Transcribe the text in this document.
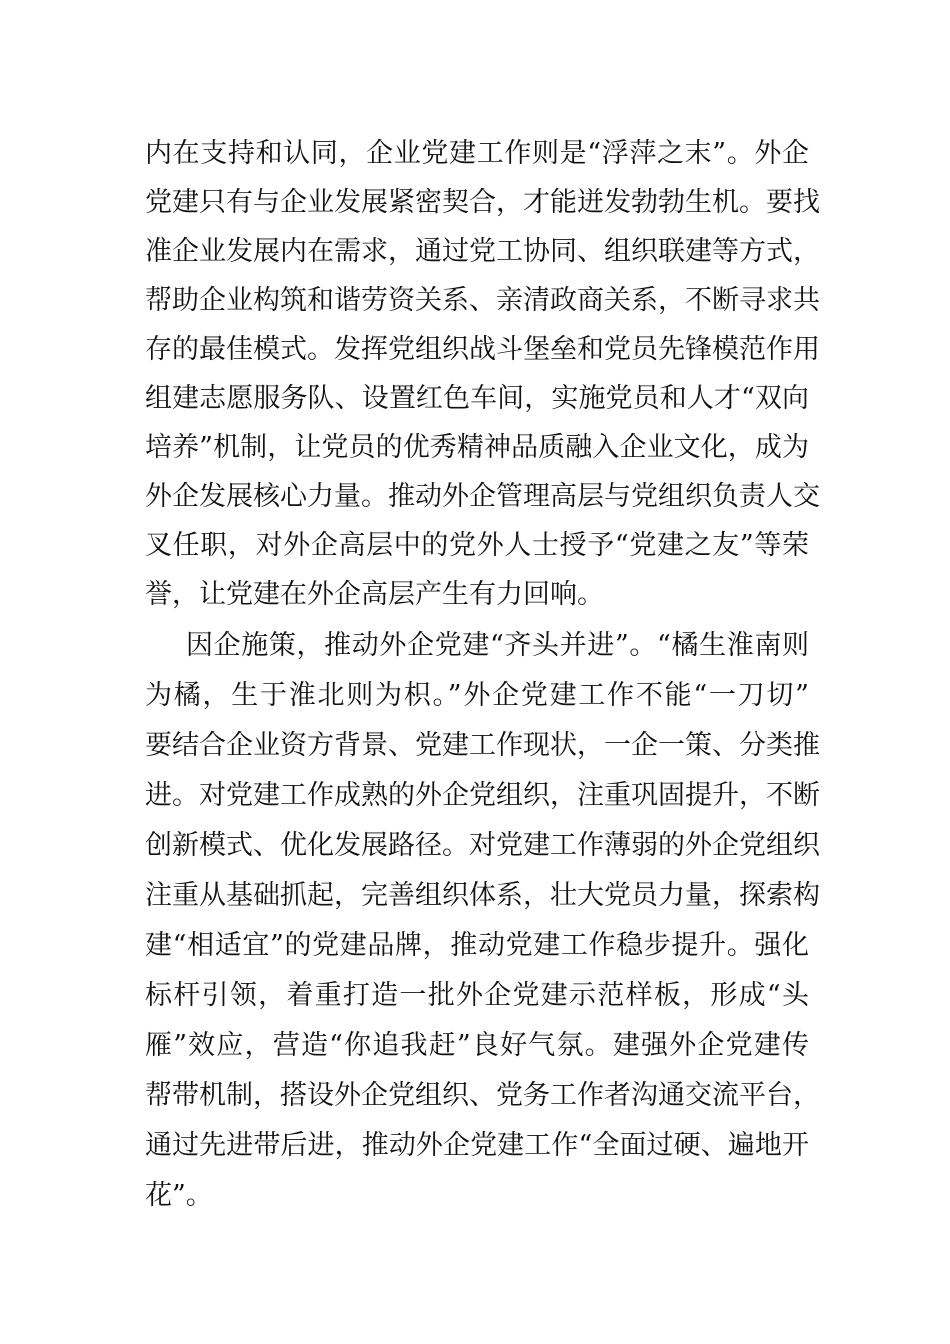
内在支持和认同，企业党建工作则是“浮萍之末”。外企
党建只有与企业发展紧密契合，才能迸发勃勃生机。要找
准企业发展内在需求，通过党工协同、组织联建等方式，
帮助企业构筑和谐劳资关系、亲清政商关系，不断寻求共
存的最佳模式。发挥党组织战斗堡垒和党员先锋模范作用
组建志愿服务队、设置红色车间，实施党员和人才“双向
培养”机制，让党员的优秀精神品质融入企业文化，成为
外企发展核心力量。推动外企管理高层与党组织负责人交
叉任职，对外企高层中的党外人士授予“党建之友”等荣
誉，让党建在外企高层产生有力回响。
因企施策，推动外企党建“齐头并进”。“橘生淮南则
为橘，生于淮北则为枳。”外企党建工作不能“一刀切”
要结合企业资方背景、党建工作现状，一企一策、分类推
进。对党建工作成熟的外企党组织，注重巩固提升，不断
创新模式、优化发展路径。对党建工作薄弱的外企党组织
注重从基础抓起，完善组织体系，壮大党员力量，探索构
建“相适宜”的党建品牌，推动党建工作稳步提升。强化
标杆引领，着重打造一批外企党建示范样板，形成“头
雁”效应，营造“你追我赶”良好气氛。建强外企党建传
帮带机制，搭设外企党组织、党务工作者沟通交流平台，
通过先进带后进，推动外企党建工作“全面过硬、遍地开
花”。
